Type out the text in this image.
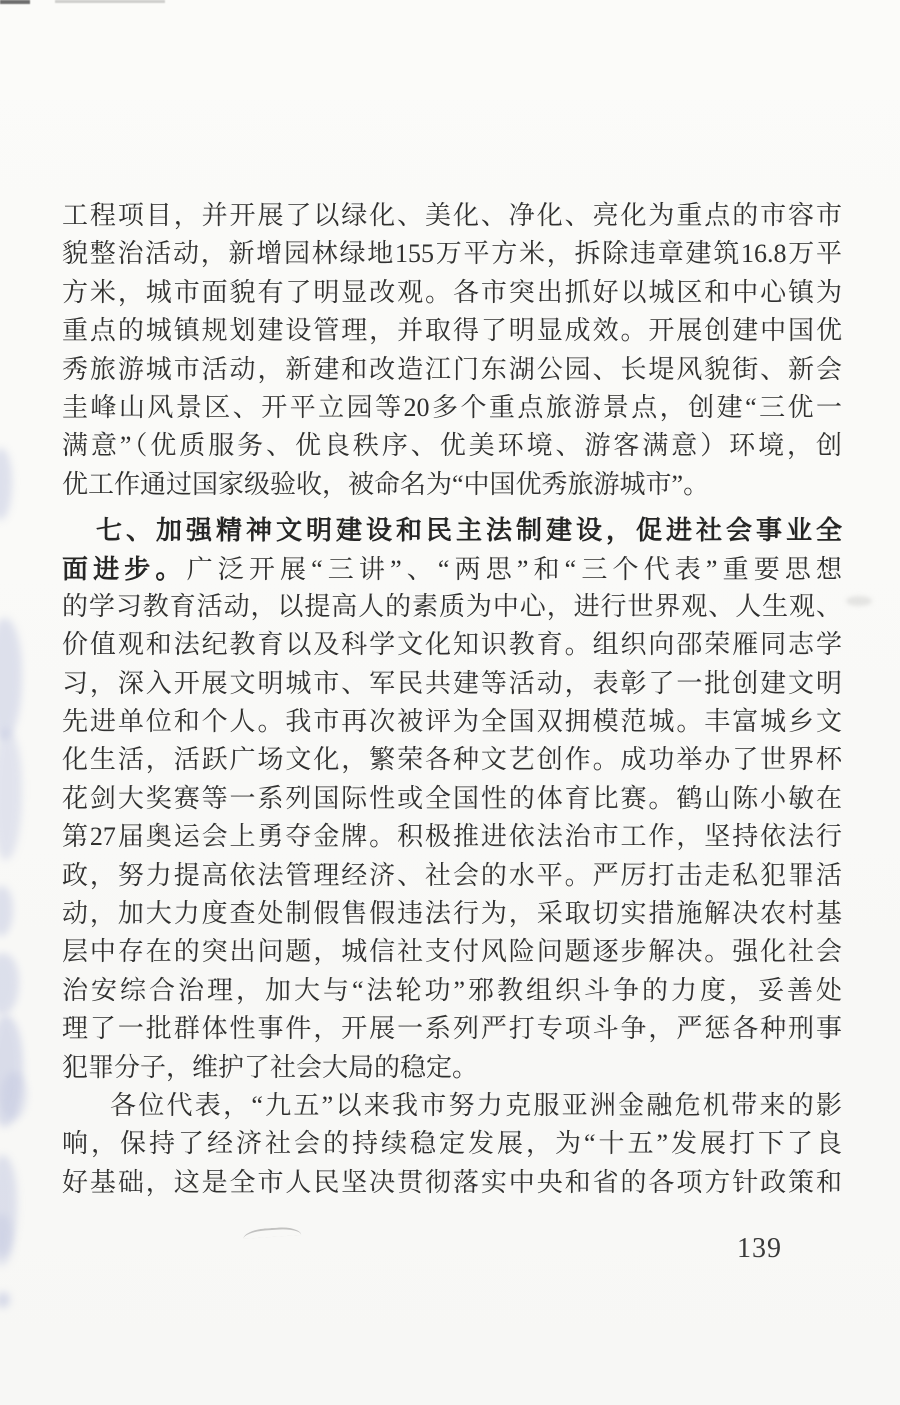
工程项目，并开展了以绿化、美化、净化、亮化为重点的市容市
貌整治活动，新增园林绿地155万平方米，拆除违章建筑16.8万平
方米，城市面貌有了明显改观。各市突出抓好以城区和中心镇为
重点的城镇规划建设管理，并取得了明显成效。开展创建中国优
秀旅游城市活动，新建和改造江门东湖公园、长堤风貌街、新会
圭峰山风景区、开平立园等20多个重点旅游景点，创建“三优一
满意”（优质服务、优良秩序、优美环境、游客满意）环境，创
优工作通过国家级验收，被命名为“中国优秀旅游城市”。
七、加强精神文明建设和民主法制建设，促进社会事业全
面进步。广泛开展“三讲”、“两思”和“三个代表”重要思想
的学习教育活动，以提高人的素质为中心，进行世界观、人生观、
价值观和法纪教育以及科学文化知识教育。组织向邵荣雁同志学
习，深入开展文明城市、军民共建等活动，表彰了一批创建文明
先进单位和个人。我市再次被评为全国双拥模范城。丰富城乡文
化生活，活跃广场文化，繁荣各种文艺创作。成功举办了世界杯
花剑大奖赛等一系列国际性或全国性的体育比赛。鹤山陈小敏在
第27届奥运会上勇夺金牌。积极推进依法治市工作，坚持依法行
政，努力提高依法管理经济、社会的水平。严厉打击走私犯罪活
动，加大力度查处制假售假违法行为，采取切实措施解决农村基
层中存在的突出问题，城信社支付风险问题逐步解决。强化社会
治安综合治理，加大与“法轮功”邪教组织斗争的力度，妥善处
理了一批群体性事件，开展一系列严打专项斗争，严惩各种刑事
犯罪分子，维护了社会大局的稳定。
各位代表，“九五”以来我市努力克服亚洲金融危机带来的影
响，保持了经济社会的持续稳定发展，为“十五”发展打下了良
好基础，这是全市人民坚决贯彻落实中央和省的各项方针政策和
139
